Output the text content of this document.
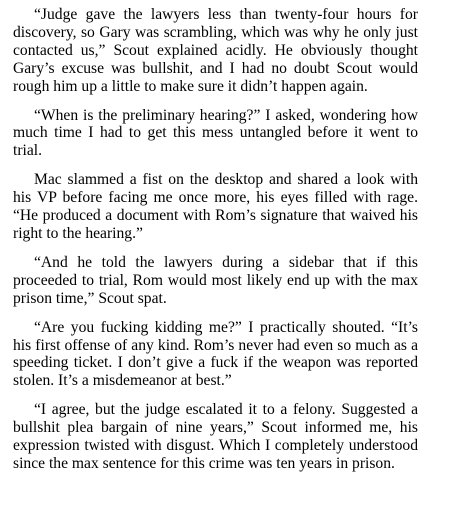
“Judge gave the lawyers less than twenty-four hours for discovery, so Gary was scrambling, which was why he only just contacted us,” Scout explained acidly. He obviously thought Gary’s excuse was bullshit, and I had no doubt Scout would rough him up a little to make sure it didn’t happen again.

“When is the preliminary hearing?” I asked, wondering how much time I had to get this mess untangled before it went to trial.

Mac slammed a fist on the desktop and shared a look with his VP before facing me once more, his eyes filled with rage. “He produced a document with Rom’s signature that waived his right to the hearing.”

“And he told the lawyers during a sidebar that if this proceeded to trial, Rom would most likely end up with the max prison time,” Scout spat.

“Are you fucking kidding me?” I practically shouted. “It’s his first offense of any kind. Rom’s never had even so much as a speeding ticket. I don’t give a fuck if the weapon was reported stolen. It’s a misdemeanor at best.”

“I agree, but the judge escalated it to a felony. Suggested a bullshit plea bargain of nine years,” Scout informed me, his expression twisted with disgust. Which I completely understood since the max sentence for this crime was ten years in prison.
